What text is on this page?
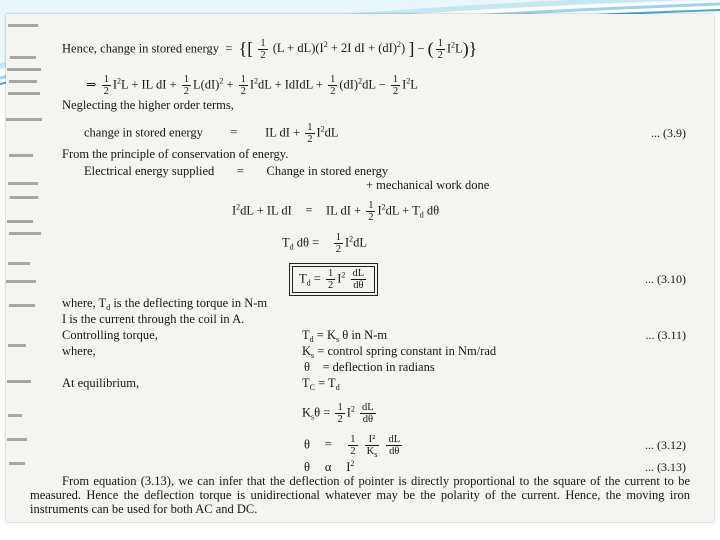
Hence, change in stored energy = {[ $\frac{1}{2} (L + dL)(I^2 + 2I$ dI + (dI)$^2$) ] − ( $\frac{1}{2} I^2L$)}
⇒ $\frac{1}{2} I^2L$ + IL dI + $\frac{1}{2} L(dI)^2 + \frac{1}{2} I^2dL$ + IdIdL + $\frac{1}{2} (dI)^2dL - \frac{1}{2} I^2L$
Neglecting the higher order terms,
change in stored energy = IL dI + $\frac{1}{2} I^2dL$	... (3.9)
From the principle of conservation of energy.
Electrical energy supplied = Change in stored energy
+ mechanical work done
$I^2dL$ + IL dI = IL dI + $\frac{1}{2} I^2dL + T_d$ dθ
$T_d$ $d\theta = \frac{1}{2} I^2dL$
$T_d = \frac{1}{2} I^2 \frac{dL}{d\theta}$	... (3.10)
where, $T_d$ is the deflecting torque in N-m
I is the current through the coil in A.
Controlling torque,	$T_d = K_s$ θ in N-m	... (3.11)
where,	$K_s$ = control spring constant in Nm/rad
θ = deflection in radians
At equilibrium,	$T_C = T_d$
$K_s\theta = \frac{1}{2} I^2 \frac{dL}{d\theta}$
$\theta = \frac{1}{2}$
$\frac{\text{I²}}{K_s}$
$\frac{dL}{d\theta}$	... (3.12)
θ α $I^2$	... (3.13)
From equation (3.13), we can infer that the deflection of pointer is directly proportional to the square of the current to be measured. Hence the deflection torque is unidirectional whatever may be the polarity of the current. Hence, the moving iron instruments can be used for both AC and DC.
